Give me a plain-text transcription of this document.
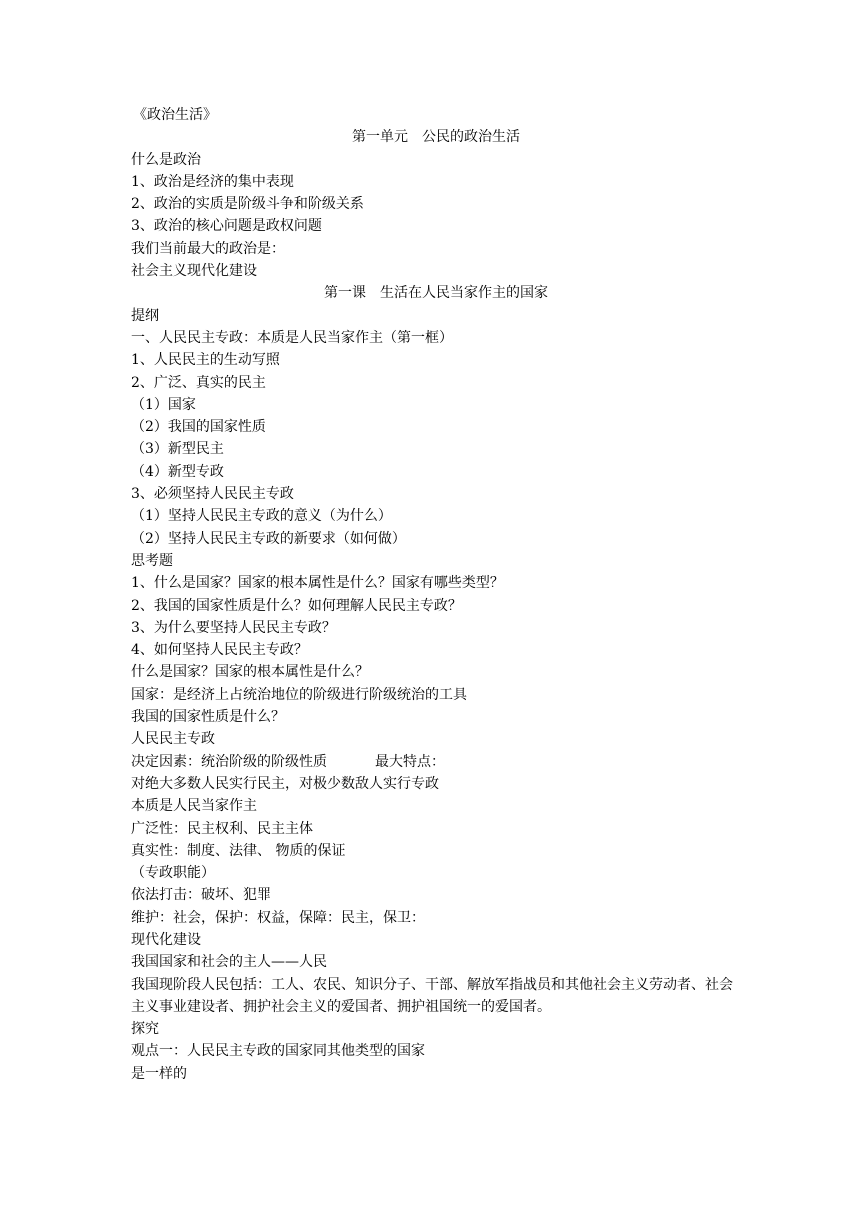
《政治生活》
第一单元　公民的政治生活
什么是政治
1、政治是经济的集中表现
2、政治的实质是阶级斗争和阶级关系
3、政治的核心问题是政权问题
我们当前最大的政治是：
社会主义现代化建设
第一课　生活在人民当家作主的国家
提纲
一、人民民主专政：本质是人民当家作主（第一框）
1、人民民主的生动写照
2、广泛、真实的民主
（1）国家
（2）我国的国家性质
（3）新型民主
（4）新型专政
3、必须坚持人民民主专政
（1）坚持人民民主专政的意义（为什么）
（2）坚持人民民主专政的新要求（如何做）
思考题
1、什么是国家？国家的根本属性是什么？国家有哪些类型？
2、我国的国家性质是什么？如何理解人民民主专政？
3、为什么要坚持人民民主专政？
4、如何坚持人民民主专政？
什么是国家？国家的根本属性是什么？
国家：是经济上占统治地位的阶级进行阶级统治的工具
我国的国家性质是什么？
人民民主专政
决定因素：统治阶级的阶级性质	最大特点：
对绝大多数人民实行民主，对极少数敌人实行专政
本质是人民当家作主
广泛性：民主权利、民主主体
真实性：制度、法律、 物质的保证
（专政职能）
依法打击：破坏、犯罪
维护：社会，保护：权益，保障：民主，保卫：
现代化建设
我国国家和社会的主人——人民
我国现阶段人民包括：工人、农民、知识分子、干部、解放军指战员和其他社会主义劳动者、社会主义事业建设者、拥护社会主义的爱国者、拥护祖国统一的爱国者。
探究
观点一：人民民主专政的国家同其他类型的国家
是一样的
